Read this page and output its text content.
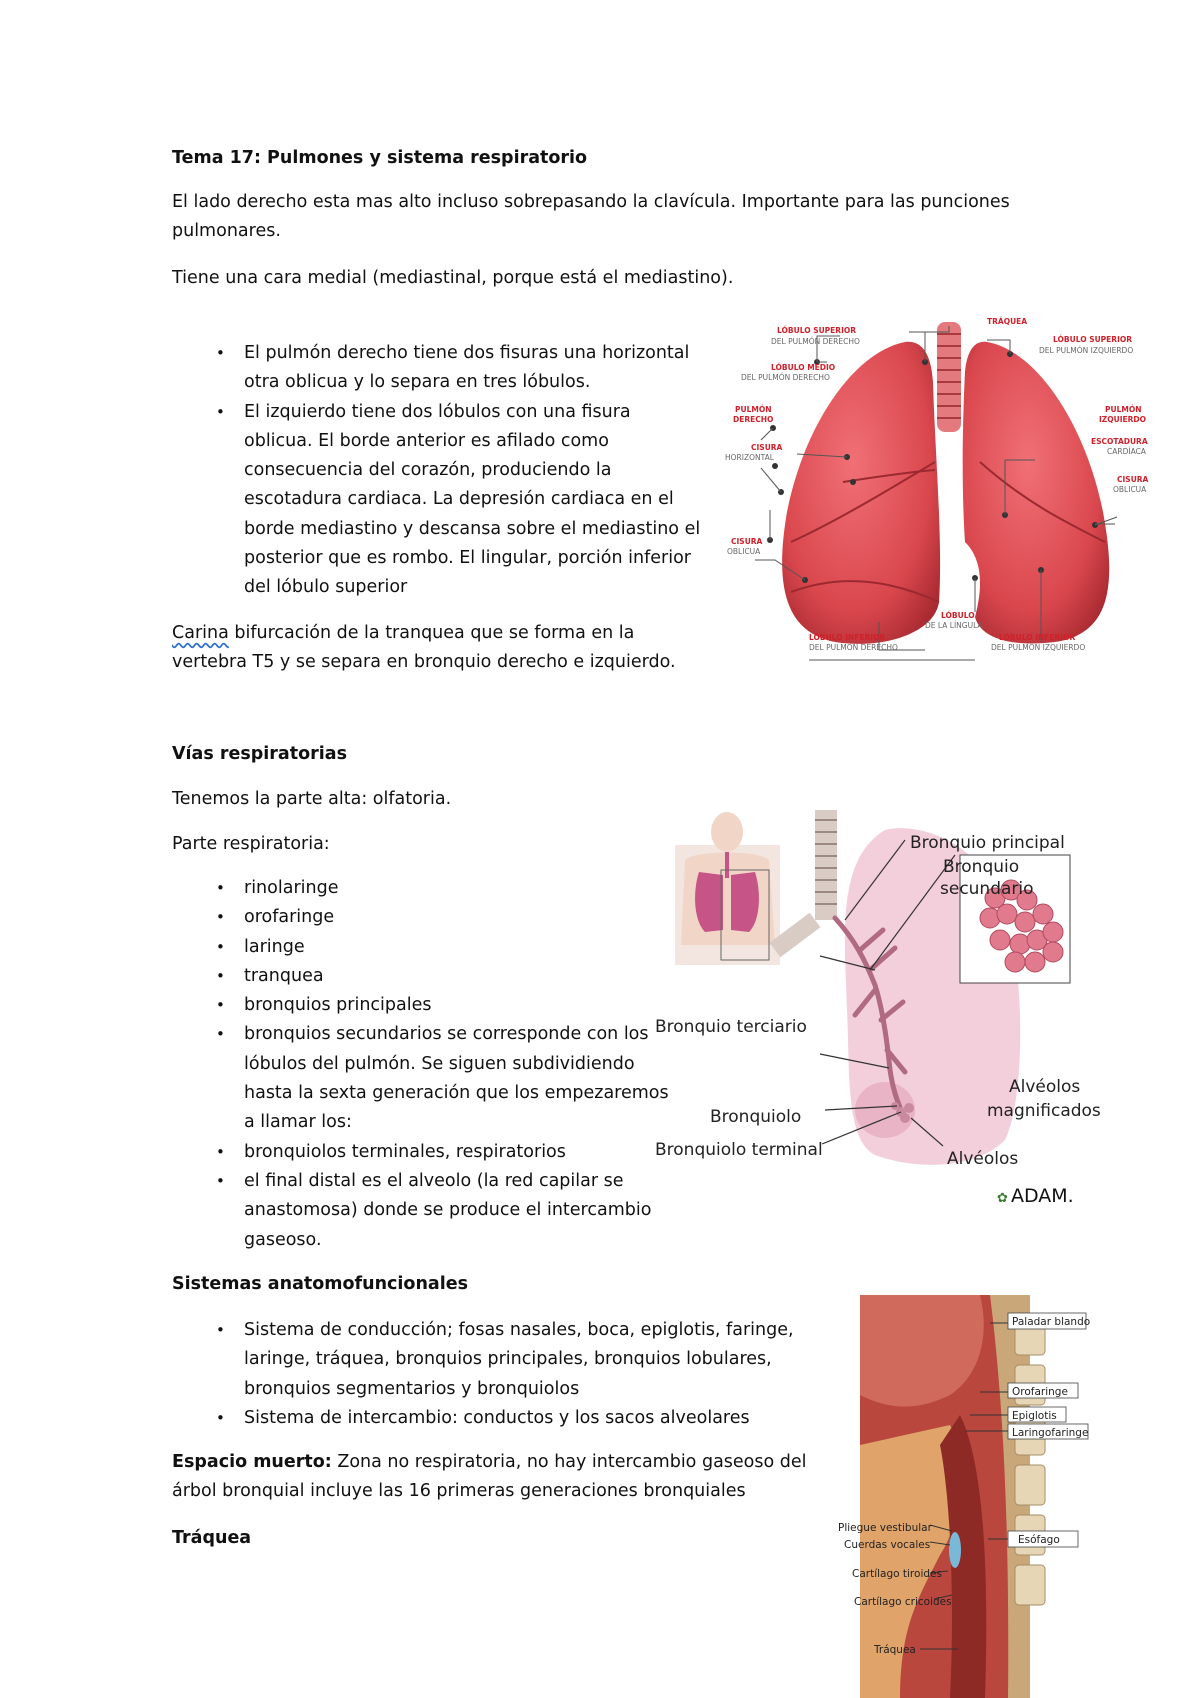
Tema 17: Pulmones y sistema respiratorio

El lado derecho esta mas alto incluso sobrepasando la clavícula. Importante para las punciones pulmonares.

Tiene una cara medial (mediastinal, porque está el mediastino).

• El pulmón derecho tiene dos fisuras una horizontal otra oblicua y lo separa en tres lóbulos.
• El izquierdo tiene dos lóbulos con una fisura oblicua. El borde anterior es afilado como consecuencia del corazón, produciendo la escotadura cardiaca. La depresión cardiaca en el borde mediastino y descansa sobre el mediastino el posterior que es rombo. El lingular, porción inferior del lóbulo superior

Carina bifurcación de la tranquea que se forma en la vertebra T5 y se separa en bronquio derecho e izquierdo.

Vías respiratorias

Tenemos la parte alta: olfatoria.

Parte respiratoria:

• rinolaringe
• orofaringe
• laringe
• tranquea
• bronquios principales
• bronquios secundarios se corresponde con los lóbulos del pulmón. Se siguen subdividiendo hasta la sexta generación que los empezaremos a llamar los:
• bronquiolos terminales, respiratorios
• el final distal es el alveolo (la red capilar se anastomosa) donde se produce el intercambio gaseoso.

Sistemas anatomofuncionales

• Sistema de conducción; fosas nasales, boca, epiglotis, faringe, laringe, tráquea, bronquios principales, bronquios lobulares, bronquios segmentarios y bronquiolos
• Sistema de intercambio: conductos y los sacos alveolares

Espacio muerto: Zona no respiratoria, no hay intercambio gaseoso del árbol bronquial incluye las 16 primeras generaciones bronquiales

Tráquea

LÓBULO SUPERIOR
DEL PULMÓN DERECHO
TRÁQUEA
LÓBULO SUPERIOR
DEL PULMÓN IZQUIERDO
LÓBULO MEDIO
DEL PULMÓN DERECHO
PULMÓN
DERECHO
PULMÓN
IZQUIERDO
ESCOTADURA
CARDÍACA
CISURA
HORIZONTAL
CISURA
OBLICUA
CISURA
OBLICUA
LÓBULO
DE LA LÍNGULA
LÓBULO INFERIOR
DEL PULMÓN DERECHO
LÓBULO INFERIOR
DEL PULMÓN IZQUIERDO
Bronquio principal
Bronquio
secundario
Bronquio terciario
Alvéolos
magnificados
Bronquiolo
Bronquiolo terminal	Alvéolos
✿ ADAM.
Paladar blando
Orofaringe
Epiglotis
Laringofaringe
Pliegue vestibular
Cuerdas vocales	Esófago
Cartílago tiroides
Cartílago cricoides
Tráquea
